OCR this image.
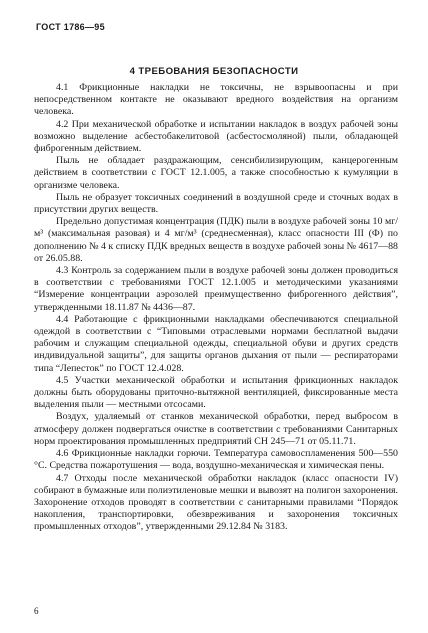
ГОСТ 1786—95
4 ТРЕБОВАНИЯ БЕЗОПАСНОСТИ

4.1 Фрикционные накладки не токсичны, не взрывоопасны и при непосредственном контакте не оказывают вредного воздействия на организм человека.

4.2 При механической обработке и испытании накладок в воздух рабочей зоны возможно выделение асбестобакелитовой (асбестосмоляной) пыли, обладающей фиброгенным действием.

Пыль не обладает раздражающим, сенсибилизирующим, канцерогенным действием в соответствии с ГОСТ 12.1.005, а также способностью к кумуляции в организме человека.

Пыль не образует токсичных соединений в воздушной среде и сточных водах в присутствии других веществ.

Предельно допустимая концентрация (ПДК) пыли в воздухе рабочей зоны 10 мг/м³ (максимальная разовая) и 4 мг/м³ (среднесменная), класс опасности III (Ф) по дополнению № 4 к списку ПДК вредных веществ в воздухе рабочей зоны № 4617—88 от 26.05.88.

4.3 Контроль за содержанием пыли в воздухе рабочей зоны должен проводиться в соответствии с требованиями ГОСТ 12.1.005 и методическими указаниями “Измерение концентрации аэрозолей преимущественно фиброгенного действия”, утвержденными 18.11.87 № 4436—87.

4.4 Работающие с фрикционными накладками обеспечиваются специальной одеждой в соответствии с “Типовыми отраслевыми нормами бесплатной выдачи рабочим и служащим специальной одежды, специальной обуви и других средств индивидуальной защиты”, для защиты органов дыхания от пыли — респираторами типа “Лепесток” по ГОСТ 12.4.028.

4.5 Участки механической обработки и испытания фрикционных накладок должны быть оборудованы приточно-вытяжной вентиляцией, фиксированные места выделения пыли — местными отсосами.

Воздух, удаляемый от станков механической обработки, перед выбросом в атмосферу должен подвергаться очистке в соответствии с требованиями Санитарных норм проектирования промышленных предприятий СН 245—71 от 05.11.71.

4.6 Фрикционные накладки горючи. Температура самовоспламенения 500—550 °С. Средства пожаротушения — вода, воздушно-механическая и химическая пены.

4.7 Отходы после механической обработки накладок (класс опасности IV) собирают в бумажные или полиэтиленовые мешки и вывозят на полигон захоронения. Захоронение отходов проводят в соответствии с санитарными правилами “Порядок накопления, транспортировки, обезвреживания и захоронения токсичных промышленных отходов”, утвержденными 29.12.84 № 3183.

6
